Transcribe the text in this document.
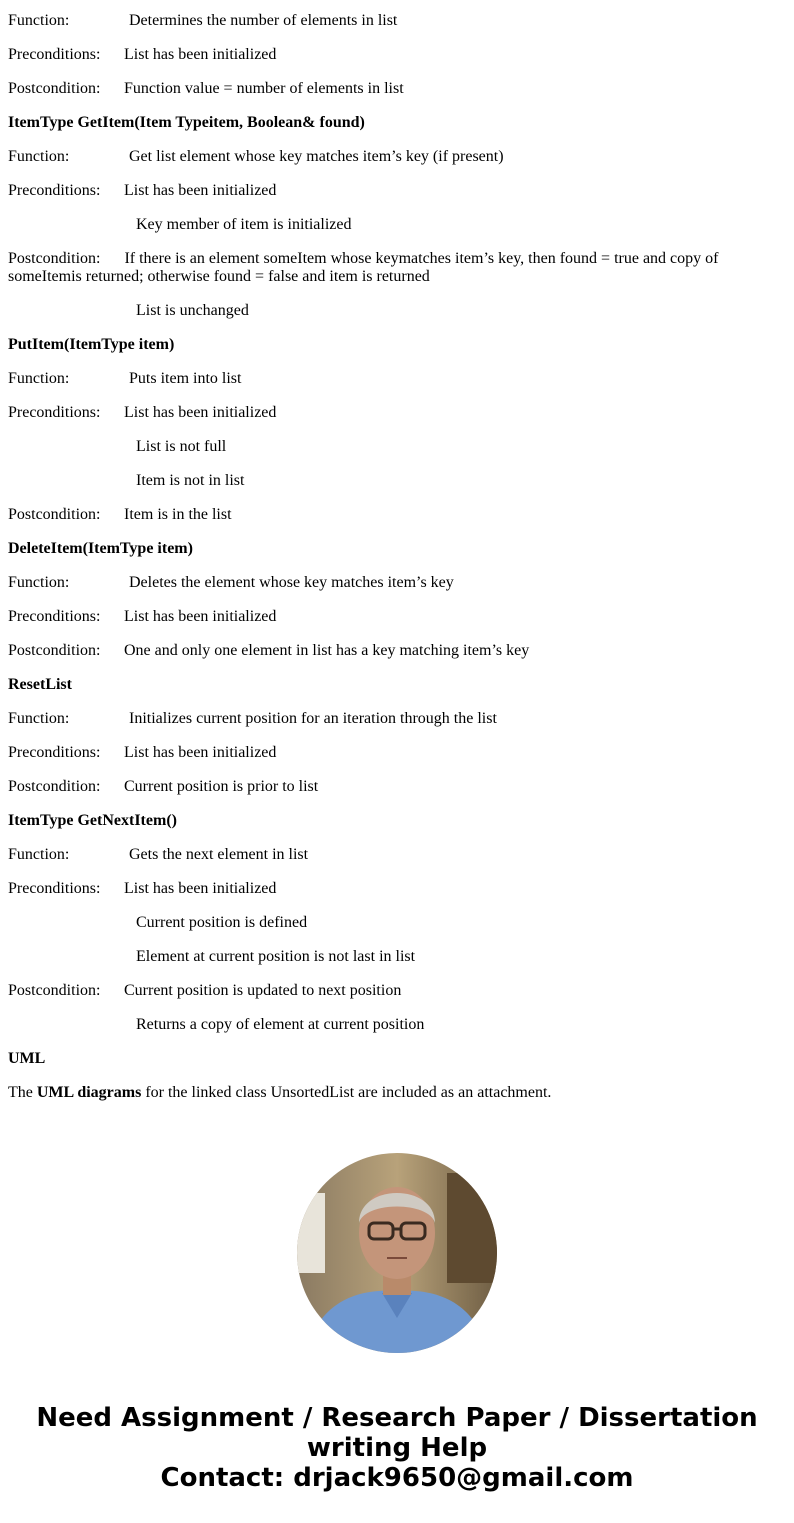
Function:	Determines the number of elements in list
Preconditions: List has been initialized
Postcondition: Function value = number of elements in list
ItemType GetItem(Item Typeitem, Boolean& found)
Function:	Get list element whose key matches item’s key (if present)
Preconditions: List has been initialized
Key member of item is initialized
Postcondition: If there is an element someItem whose keymatches item’s key, then found = true and copy of someItemis returned; otherwise found = false and item is returned
List is unchanged
PutItem(ItemType item)
Function:	Puts item into list
Preconditions: List has been initialized
List is not full
Item is not in list
Postcondition: Item is in the list
DeleteItem(ItemType item)
Function:	Deletes the element whose key matches item’s key
Preconditions: List has been initialized
Postcondition: One and only one element in list has a key matching item’s key
ResetList
Function:	Initializes current position for an iteration through the list
Preconditions: List has been initialized
Postcondition: Current position is prior to list
ItemType GetNextItem()
Function:	Gets the next element in list
Preconditions: List has been initialized
Current position is defined
Element at current position is not last in list
Postcondition: Current position is updated to next position
Returns a copy of element at current position
UML
The UML diagrams for the linked class UnsortedList are included as an attachment.
Need Assignment / Research Paper / Dissertation
writing Help
Contact: drjack9650@gmail.com
